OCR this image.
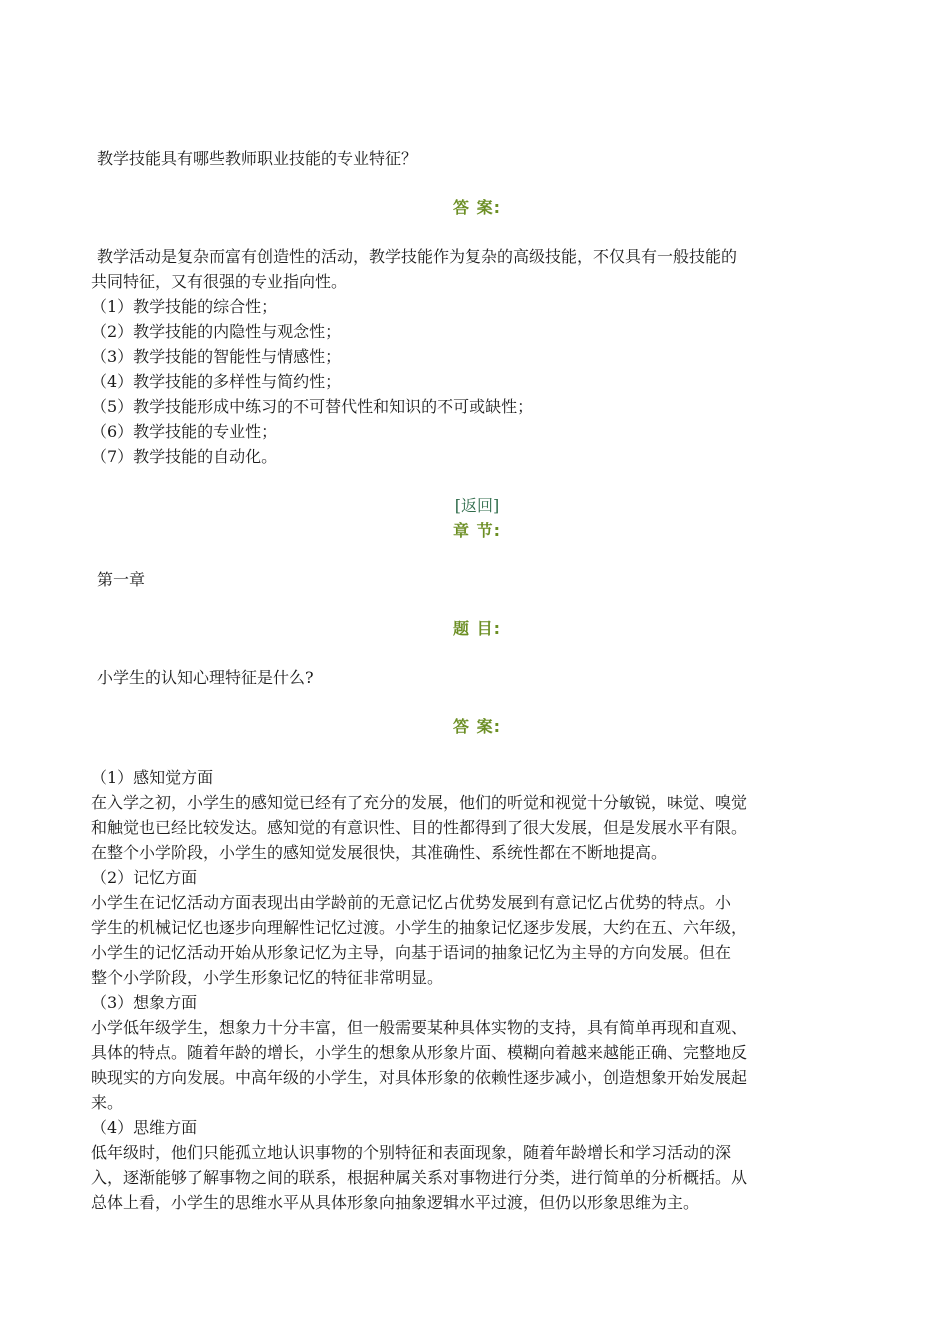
教学技能具有哪些教师职业技能的专业特征？
答 案:
教学活动是复杂而富有创造性的活动，教学技能作为复杂的高级技能，不仅具有一般技能的
共同特征，又有很强的专业指向性。
（1）教学技能的综合性；
（2）教学技能的内隐性与观念性；
（3）教学技能的智能性与情感性；
（4）教学技能的多样性与简约性；
（5）教学技能形成中练习的不可替代性和知识的不可或缺性；
（6）教学技能的专业性；
（7）教学技能的自动化。
[返回]
章 节:
第一章
题 目:
小学生的认知心理特征是什么?
答 案:
（1）感知觉方面
在入学之初，小学生的感知觉已经有了充分的发展，他们的听觉和视觉十分敏锐，味觉、嗅觉
和触觉也已经比较发达。感知觉的有意识性、目的性都得到了很大发展，但是发展水平有限。
在整个小学阶段，小学生的感知觉发展很快，其准确性、系统性都在不断地提高。
（2）记忆方面
小学生在记忆活动方面表现出由学龄前的无意记忆占优势发展到有意记忆占优势的特点。小
学生的机械记忆也逐步向理解性记忆过渡。小学生的抽象记忆逐步发展，大约在五、六年级，
小学生的记忆活动开始从形象记忆为主导，向基于语词的抽象记忆为主导的方向发展。但在
整个小学阶段，小学生形象记忆的特征非常明显。
（3）想象方面
小学低年级学生，想象力十分丰富，但一般需要某种具体实物的支持，具有简单再现和直观、
具体的特点。随着年龄的增长，小学生的想象从形象片面、模糊向着越来越能正确、完整地反
映现实的方向发展。中高年级的小学生，对具体形象的依赖性逐步减小，创造想象开始发展起
来。
（4）思维方面
低年级时，他们只能孤立地认识事物的个别特征和表面现象，随着年龄增长和学习活动的深
入，逐渐能够了解事物之间的联系，根据种属关系对事物进行分类，进行简单的分析概括。从
总体上看，小学生的思维水平从具体形象向抽象逻辑水平过渡，但仍以形象思维为主。
